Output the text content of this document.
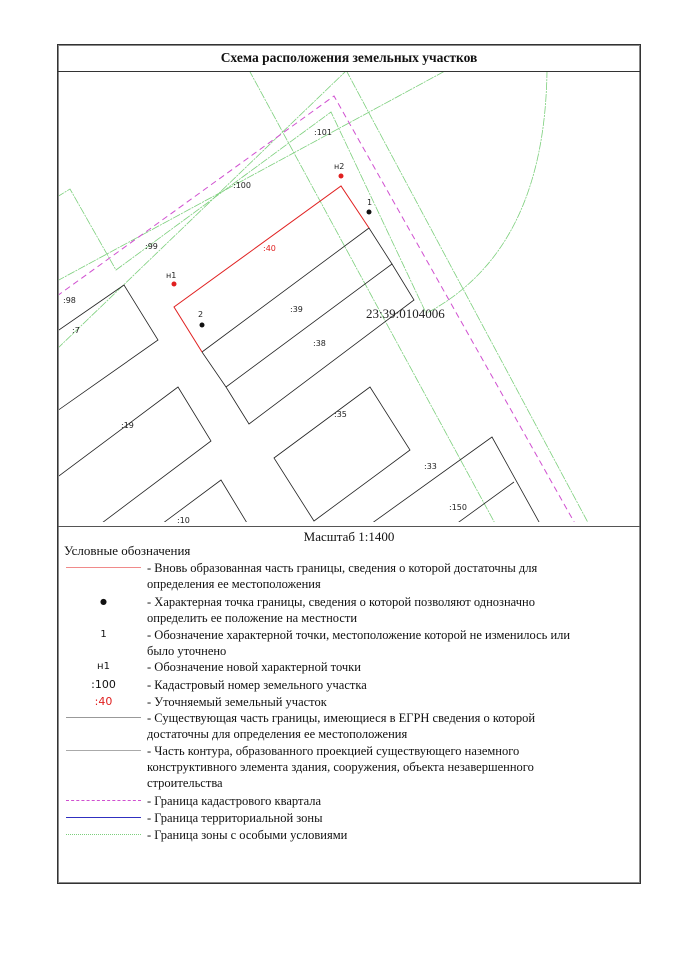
Схема расположения земельных участков
Масштаб 1:1400
Условные обозначения
- Вновь образованная часть границы, сведения о которой достаточны для определения ее местоположения
●	- Характерная точка границы, сведения о которой позволяют однозначно определить ее положение на местности
1	- Обозначение характерной точки, местоположение которой не изменилось или было уточнено
н1	- Обозначение новой характерной точки
:100	- Кадастровый номер земельного участка
:40	- Уточняемый земельный участок
- Существующая часть границы, имеющиеся в ЕГРН сведения о которой достаточны для определения ее местоположения
- Часть контура, образованного проекцией существующего наземного конструктивного элемента здания, сооружения, объекта незавершенного строительства
- Граница кадастрового квартала
- Граница территориальной зоны
- Граница зоны с особыми условиями
:101
:100
:99
:98
:7
:39
:38
:19
:35
:33
:150
:10
:40
н1
н2
1
2	23:39:0104006
